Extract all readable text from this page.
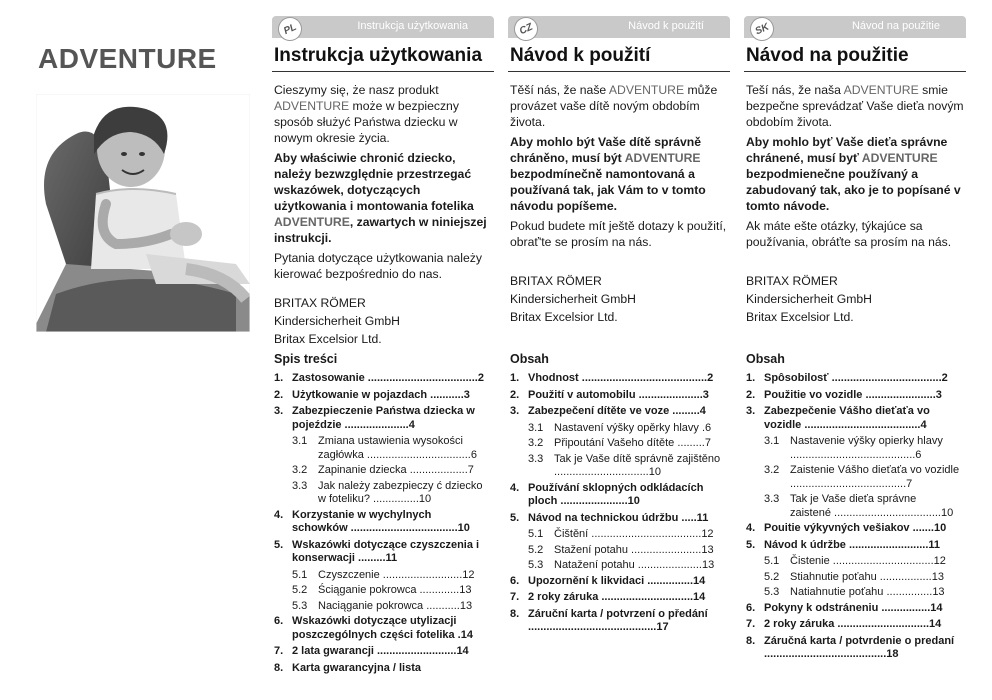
ADVENTURE
PL	Instrukcja użytkowania
Instrukcja użytkowania

Cieszymy się, że nasz produkt
ADVENTURE może w bezpieczny sposób służyć Państwa dziecku w nowym okresie życia.

Aby właściwie chronić dziecko, należy bezwzględnie przestrzegać wskazówek, dotyczących użytkowania i montowania fotelika ADVENTURE, zawartych w niniejszej instrukcji.

Pytania dotyczące użytkowania należy kierować bezpośrednio do nas.

BRITAX RÖMER
Kindersicherheit GmbH
Britax Excelsior Ltd.
CZ	Návod k použití
Návod k použití

Těší nás, že naše ADVENTURE může provázet vaše dítě novým obdobím života.

Aby mohlo být Vaše dítě správně chráněno, musí být ADVENTURE bezpodmínečně namontovaná a používaná tak, jak Vám to v tomto návodu popíšeme.

Pokud budete mít ještě dotazy k použití, obrať'te se prosím na nás.

BRITAX RÖMER
Kindersicherheit GmbH
Britax Excelsior Ltd.
SK	Návod na použitie
Návod na použitie

Teší nás, že naša ADVENTURE smie bezpečne sprevádzať Vaše dieťa novým obdobím života.

Aby mohlo byť Vaše dieťa správne chránené, musí byť ADVENTURE bezpodmienečne používaný a zabudovaný tak, ako je to popísané v tomto návode.

Ak máte ešte otázky, týkajúce sa používania, obráťte sa prosím na nás.

BRITAX RÖMER
Kindersicherheit GmbH
Britax Excelsior Ltd.
Spis treści
1. Zastosowanie ....................................2
2. Użytkowanie w pojazdach ...........3
3. Zabezpieczenie Państwa dziecka w pojeździe .....................4
3.1 Zmiana ustawienia wysokości zagłówka ..................................6
3.2 Zapinanie dziecka ...................7
3.3 Jak należy zabezpieczy ć dziecko w foteliku? ...............10
4. Korzystanie w wychylnych schowków ...................................10
5. Wskazówki dotyczące czyszczenia i konserwacji .........11
5.1 Czyszczenie ..........................12
5.2 Ściąganie pokrowca .............13
5.3 Naciąganie pokrowca ...........13
6. Wskazówki dotyczące utylizacji poszczególnych części fotelika .14
7. 2 lata gwarancji ..........................14
8. Karta gwarancyjna / lista
Obsah
1. Vhodnost .........................................2
2. Použití v automobilu .....................3
3. Zabezpečení dítěte ve voze .........4
3.1 Nastavení výšky opěrky hlavy .6
3.2 Připoutání Vašeho dítěte .........7
3.3 Tak je Vaše dítě správně zajištěno ...............................10
4. Používání sklopných odkládacích ploch ......................10
5. Návod na technickou údržbu .....11
5.1 Čištění ....................................12
5.2 Stažení potahu .......................13
5.3 Natažení potahu .....................13
6. Upozornění k likvidaci ...............14
7. 2 roky záruka ..............................14
8. Záruční karta / potvrzení o předání ..........................................17
Obsah
1. Spôsobilosť ....................................2
2. Použitie vo vozidle .......................3
3. Zabezpečenie Vášho dieťaťa vo vozidle ......................................4
3.1 Nastavenie výšky opierky hlavy .........................................6
3.2 Zaistenie Vášho dieťaťa vo vozidle ......................................7
3.3 Tak je Vaše dieťa správne zaistené ...................................10
4. Pouitie výkyvných vešiakov .......10
5. Návod k údržbe ..........................11
5.1 Čistenie .................................12
5.2 Stiahnutie poťahu .................13
5.3 Natiahnutie poťahu ...............13
6. Pokyny k odstráneniu ................14
7. 2 roky záruka ..............................14
8. Záručná karta / potvrdenie o predaní ........................................18
